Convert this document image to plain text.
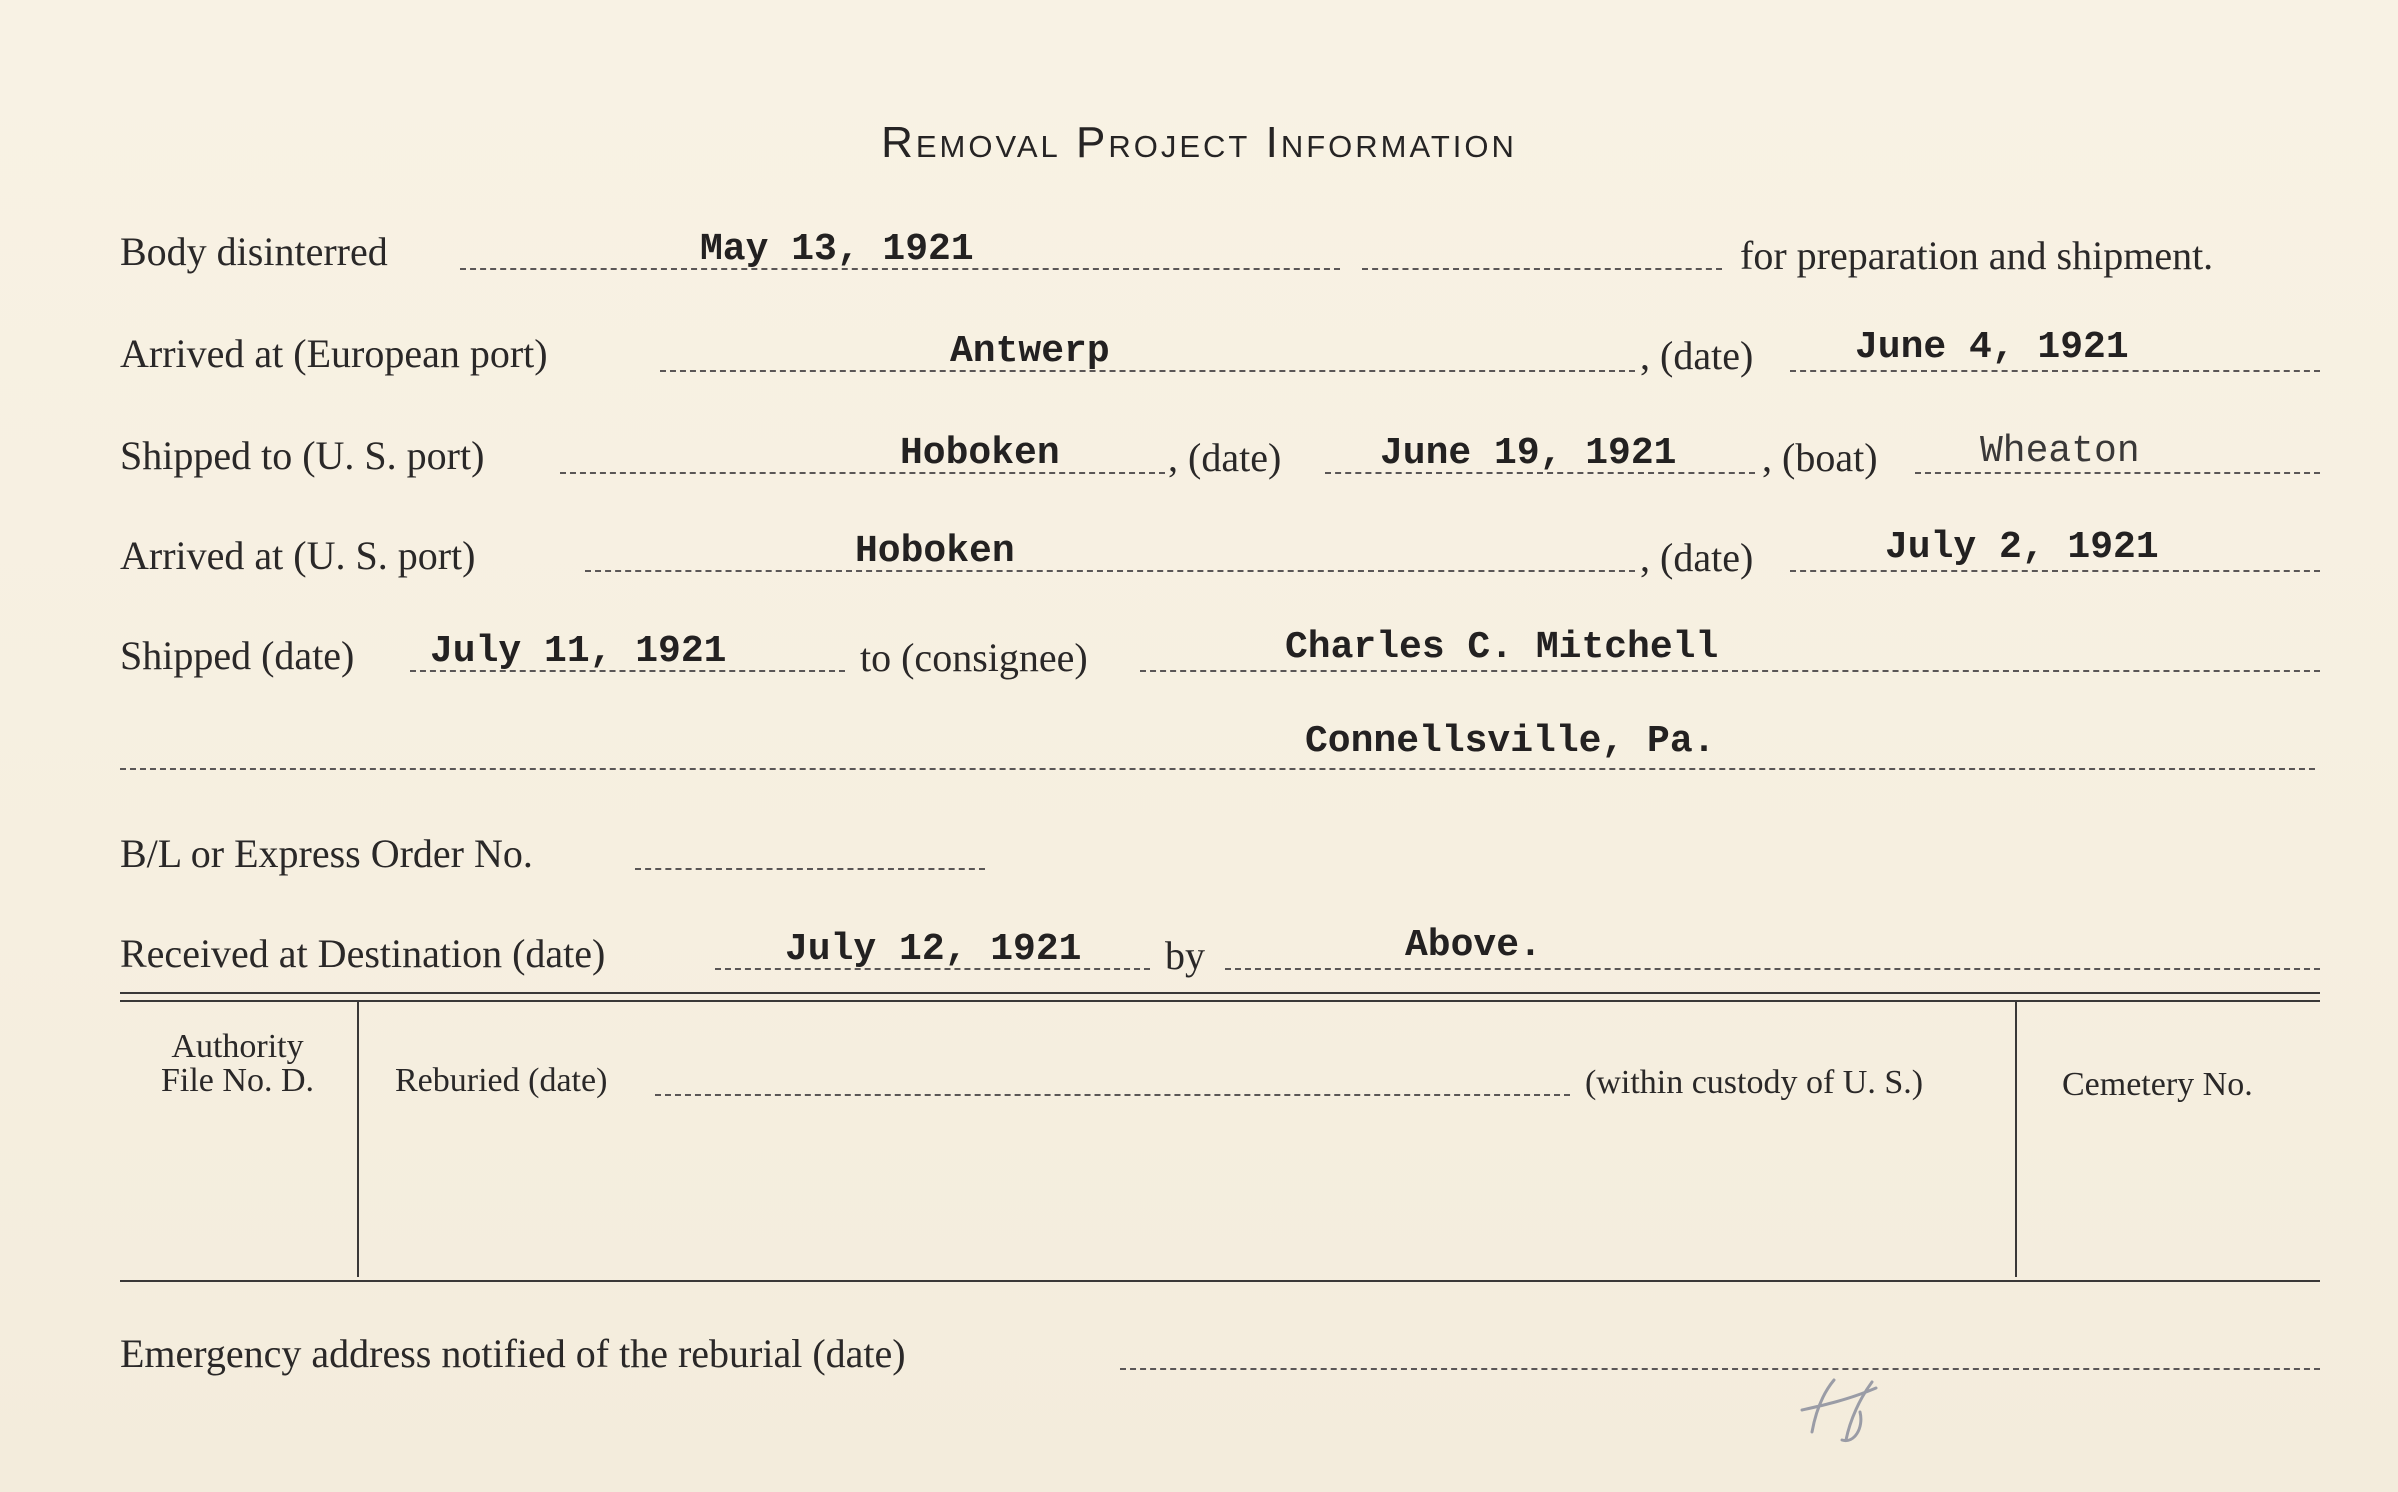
Removal Project Information
Body disinterred	May 13, 1921	for preparation and shipment.
Arrived at (European port)	Antwerp	, (date)	June 4, 1921
Shipped to (U. S. port)	Hoboken	, (date)	June 19, 1921 , (boat)	Wheaton
Arrived at (U. S. port)	Hoboken	, (date)	July 2, 1921
Shipped (date) July 11, 1921	to (consignee)	Charles C. Mitchell
Connellsville, Pa.
B/L or Express Order No.
Received at Destination (date)	July 12, 1921 by	Above.
Authority
File No. D.	Reburied (date)	(within custody of U. S.)	Cemetery No.
Emergency address notified of the reburial (date)
